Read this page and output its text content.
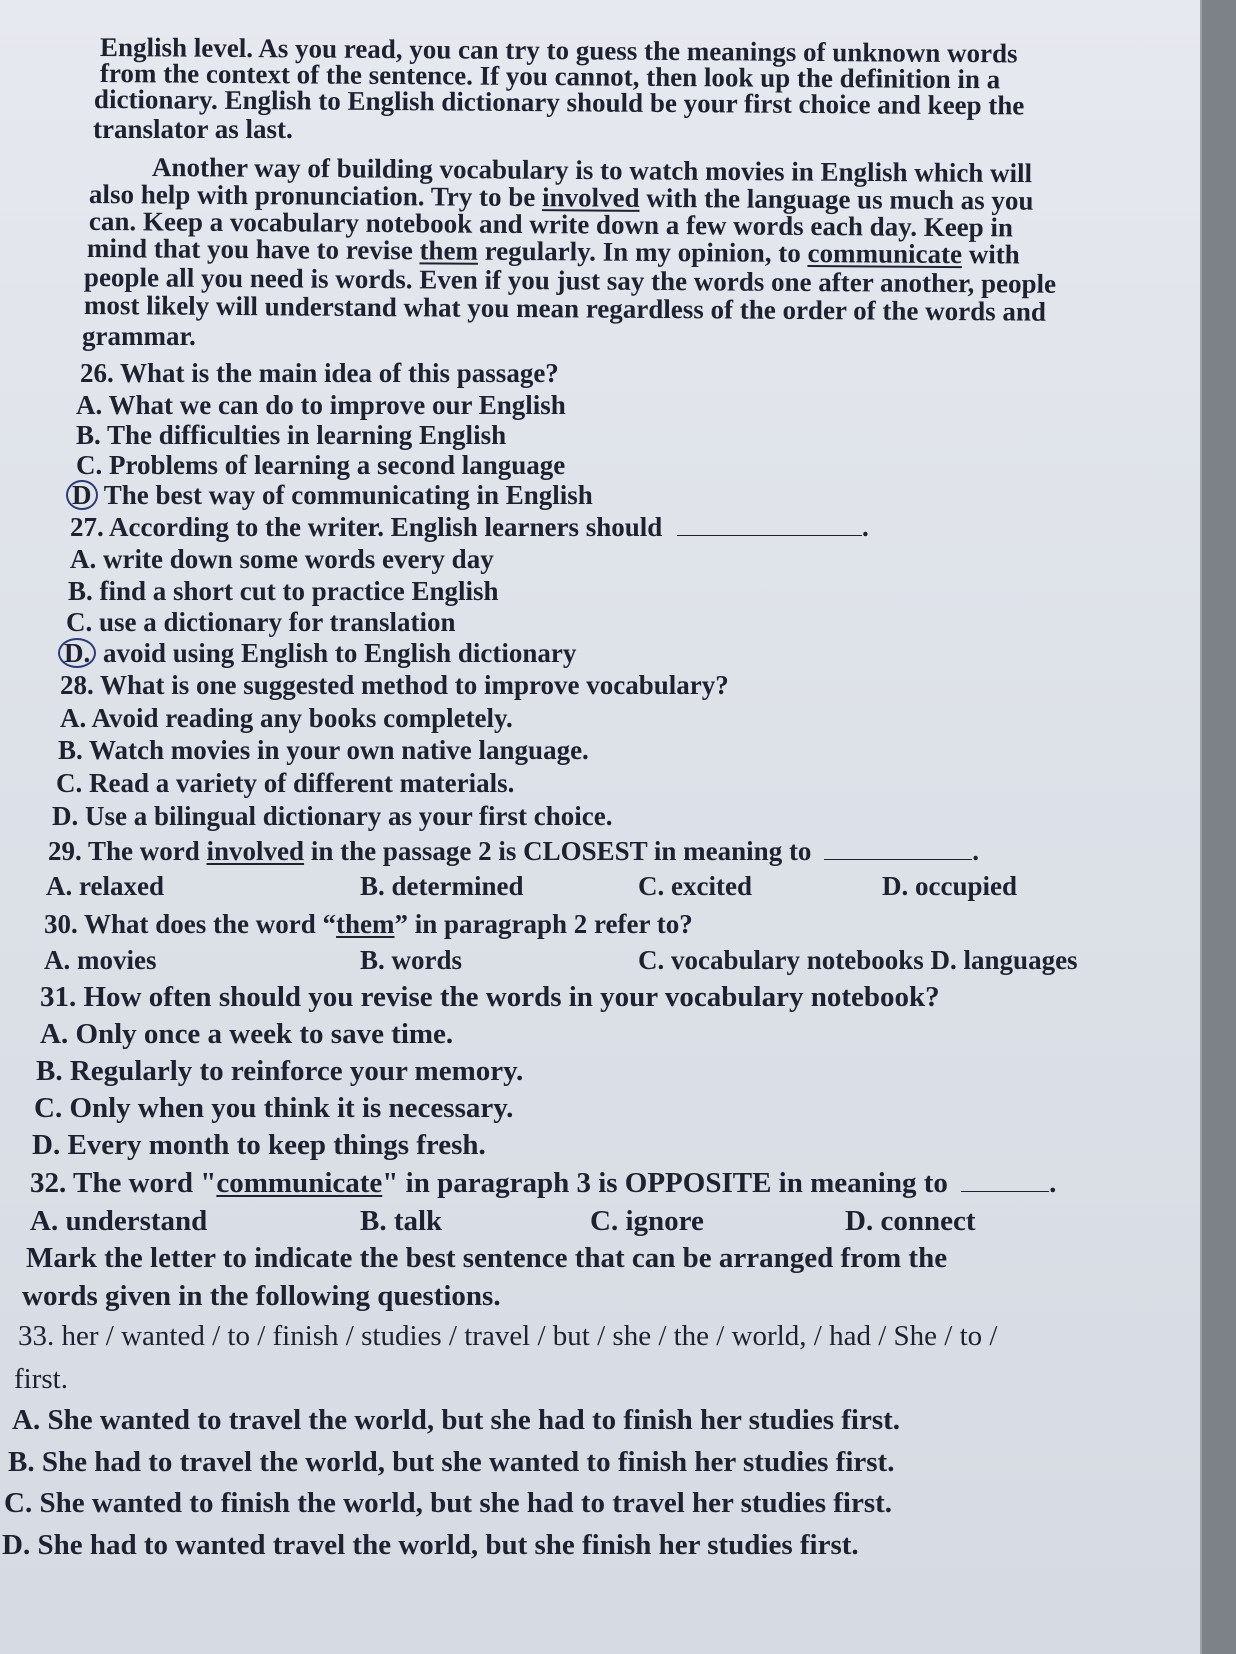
English level. As you read, you can try to guess the meanings of unknown words

from the context of the sentence. If you cannot, then look up the definition in a

dictionary. English to English dictionary should be your first choice and keep the

translator as last.

Another way of building vocabulary is to watch movies in English which will

also help with pronunciation. Try to be involved with the language us much as you

can. Keep a vocabulary notebook and write down a few words each day. Keep in

mind that you have to revise them regularly. In my opinion, to communicate with

people all you need is words. Even if you just say the words one after another, people

most likely will understand what you mean regardless of the order of the words and

grammar.

26. What is the main idea of this passage?

A. What we can do to improve our English

B. The difficulties in learning English

C. Problems of learning a second language

D The best way of communicating in English

27. According to the writer. English learners should	.

A. write down some words every day

B. find a short cut to practice English

C. use a dictionary for translation

D. avoid using English to English dictionary

28. What is one suggested method to improve vocabulary?

A. Avoid reading any books completely.

B. Watch movies in your own native language.

C. Read a variety of different materials.

D. Use a bilingual dictionary as your first choice.

29. The word involved in the passage 2 is CLOSEST in meaning to	.

A. relaxed	B. determined	C. excited	D. occupied

30. What does the word “them” in paragraph 2 refer to?

A. movies	B. words	C. vocabulary notebooks D. languages

31. How often should you revise the words in your vocabulary notebook?

A. Only once a week to save time.

B. Regularly to reinforce your memory.

C. Only when you think it is necessary.

D. Every month to keep things fresh.

32. The word "communicate" in paragraph 3 is OPPOSITE in meaning to	.

A. understand	B. talk	C. ignore	D. connect

Mark the letter to indicate the best sentence that can be arranged from the

words given in the following questions.

33. her / wanted / to / finish / studies / travel / but / she / the / world, / had / She / to /

first.

A. She wanted to travel the world, but she had to finish her studies first.

B. She had to travel the world, but she wanted to finish her studies first.

C. She wanted to finish the world, but she had to travel her studies first.

D. She had to wanted travel the world, but she finish her studies first.
